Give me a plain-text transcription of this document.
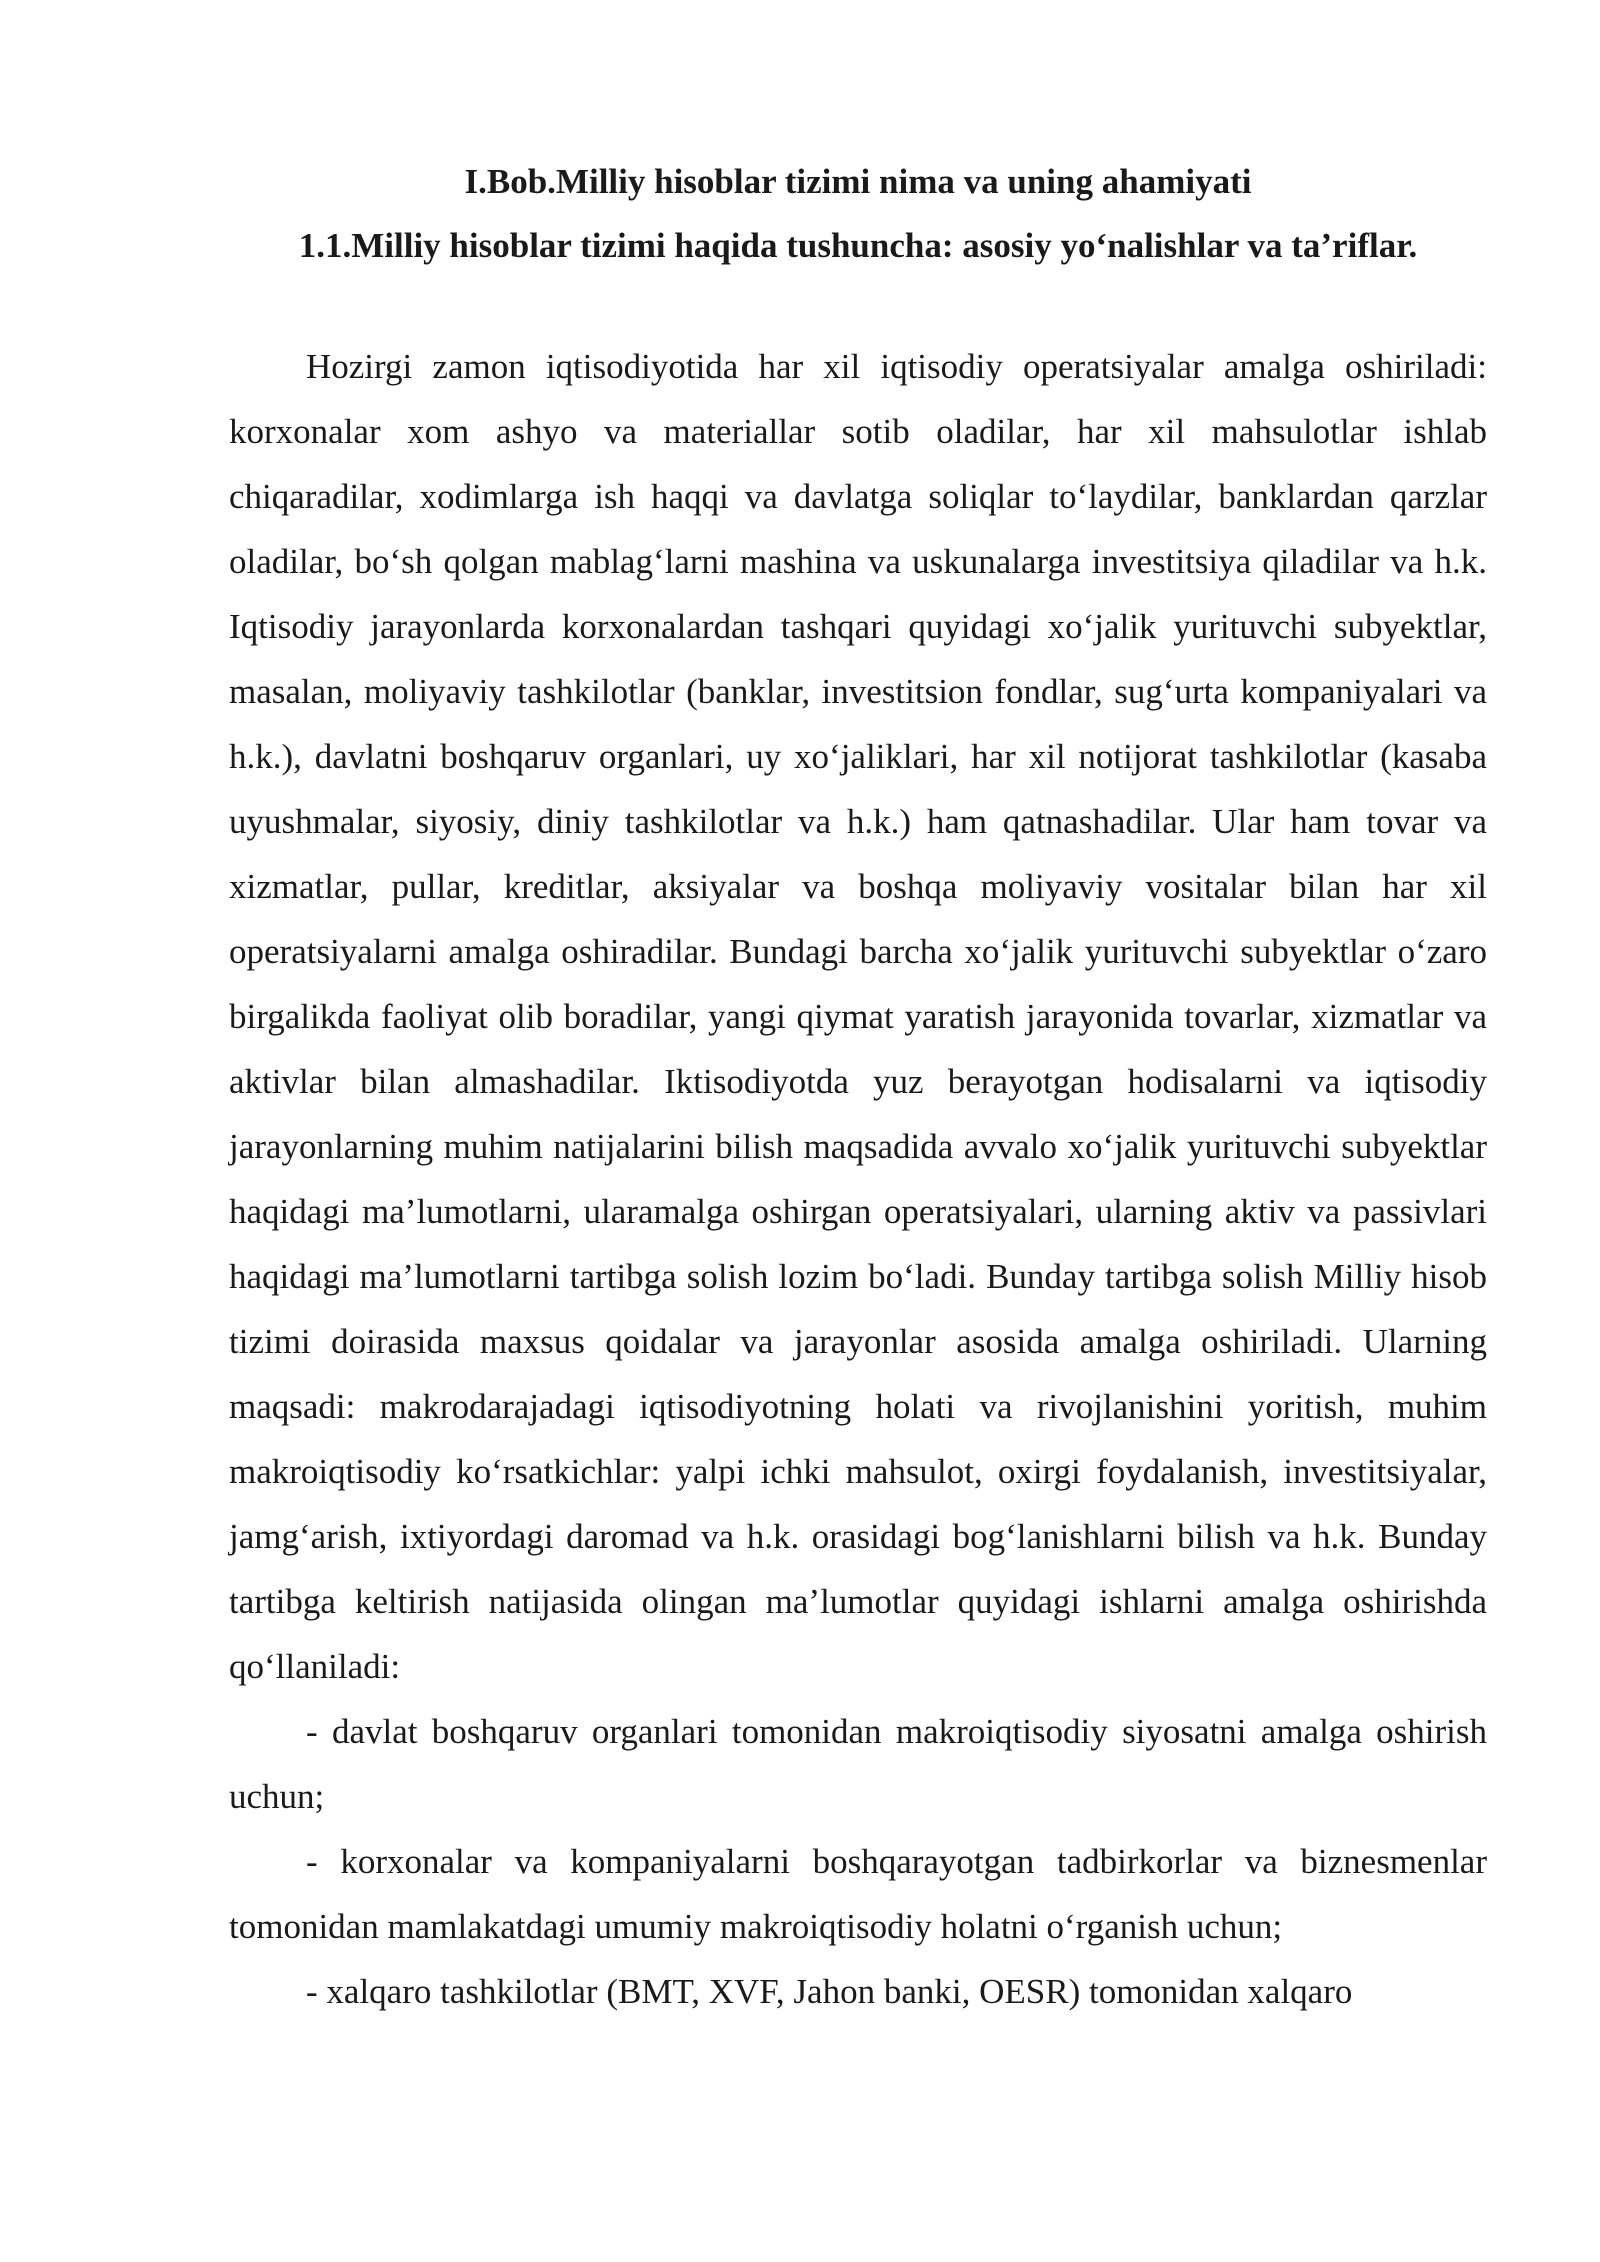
I.Bob.Milliy hisoblar tizimi nima va uning ahamiyati

1.1.Milliy hisoblar tizimi haqida tushuncha: asosiy yo‘nalishlar va ta’riflar.

Hozirgi zamon iqtisodiyotida har xil iqtisodiy operatsiyalar amalga oshiriladi: korxonalar xom ashyo va materiallar sotib oladilar, har xil mahsulotlar ishlab chiqaradilar, xodimlarga ish haqqi va davlatga soliqlar to‘laydilar, banklardan qarzlar oladilar, bo‘sh qolgan mablag‘larni mashina va uskunalarga investitsiya qiladilar va h.k. Iqtisodiy jarayonlarda korxonalardan tashqari quyidagi xo‘jalik yurituvchi subyektlar, masalan, moliyaviy tashkilotlar (banklar, investitsion fondlar, sug‘urta kompaniyalari va h.k.), davlatni boshqaruv organlari, uy xo‘jaliklari, har xil notijorat tashkilotlar (kasaba uyushmalar, siyosiy, diniy tashkilotlar va h.k.) ham qatnashadilar. Ular ham tovar va xizmatlar, pullar, kreditlar, aksiyalar va boshqa moliyaviy vositalar bilan har xil operatsiyalarni amalga oshiradilar. Bundagi barcha xo‘jalik yurituvchi subyektlar o‘zaro birgalikda faoliyat olib boradilar, yangi qiymat yaratish jarayonida tovarlar, xizmatlar va aktivlar bilan almashadilar. Iktisodiyotda yuz berayotgan hodisalarni va iqtisodiy jarayonlarning muhim natijalarini bilish maqsadida avvalo xo‘jalik yurituvchi subyektlar haqidagi ma’lumotlarni, ularamalga oshirgan operatsiyalari, ularning aktiv va passivlari haqidagi ma’lumotlarni tartibga solish lozim bo‘ladi. Bunday tartibga solish Milliy hisob tizimi doirasida maxsus qoidalar va jarayonlar asosida amalga oshiriladi. Ularning maqsadi: makrodarajadagi iqtisodiyotning holati va rivojlanishini yoritish, muhim makroiqtisodiy ko‘rsatkichlar: yalpi ichki mahsulot, oxirgi foydalanish, investitsiyalar, jamg‘arish, ixtiyordagi daromad va h.k. orasidagi bog‘lanishlarni bilish va h.k. Bunday tartibga keltirish natijasida olingan ma’lumotlar quyidagi ishlarni amalga oshirishda qo‘llaniladi:

- davlat boshqaruv organlari tomonidan makroiqtisodiy siyosatni amalga oshirish uchun;

- korxonalar va kompaniyalarni boshqarayotgan tadbirkorlar va biznesmenlar tomonidan mamlakatdagi umumiy makroiqtisodiy holatni o‘rganish uchun;

- xalqaro tashkilotlar (BMT, XVF, Jahon banki, OESR) tomonidan xalqaro
